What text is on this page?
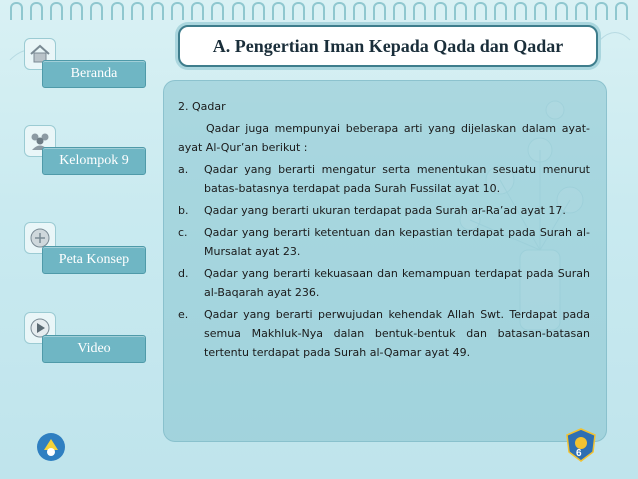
Beranda
Kelompok 9
Peta Konsep
Video
A. Pengertian Iman Kepada Qada dan Qadar
2. Qadar
Qadar juga mempunyai beberapa arti yang dijelaskan dalam ayat-ayat Al-Qur’an berikut :
a.	Qadar yang berarti mengatur serta menentukan sesuatu menurut batas-batasnya terdapat pada Surah Fussilat ayat 10.
b.	Qadar yang berarti ukuran terdapat pada Surah ar-Ra’ad ayat 17.
c.	Qadar yang berarti ketentuan dan kepastian terdapat pada Surah al-Mursalat ayat 23.
d.	Qadar yang berarti kekuasaan dan kemampuan terdapat pada Surah al-Baqarah ayat 236.
e.	Qadar yang berarti perwujudan kehendak Allah Swt. Terdapat pada semua Makhluk-Nya dalan bentuk-bentuk dan batasan-batasan tertentu terdapat pada Surah al-Qamar ayat 49.
6
